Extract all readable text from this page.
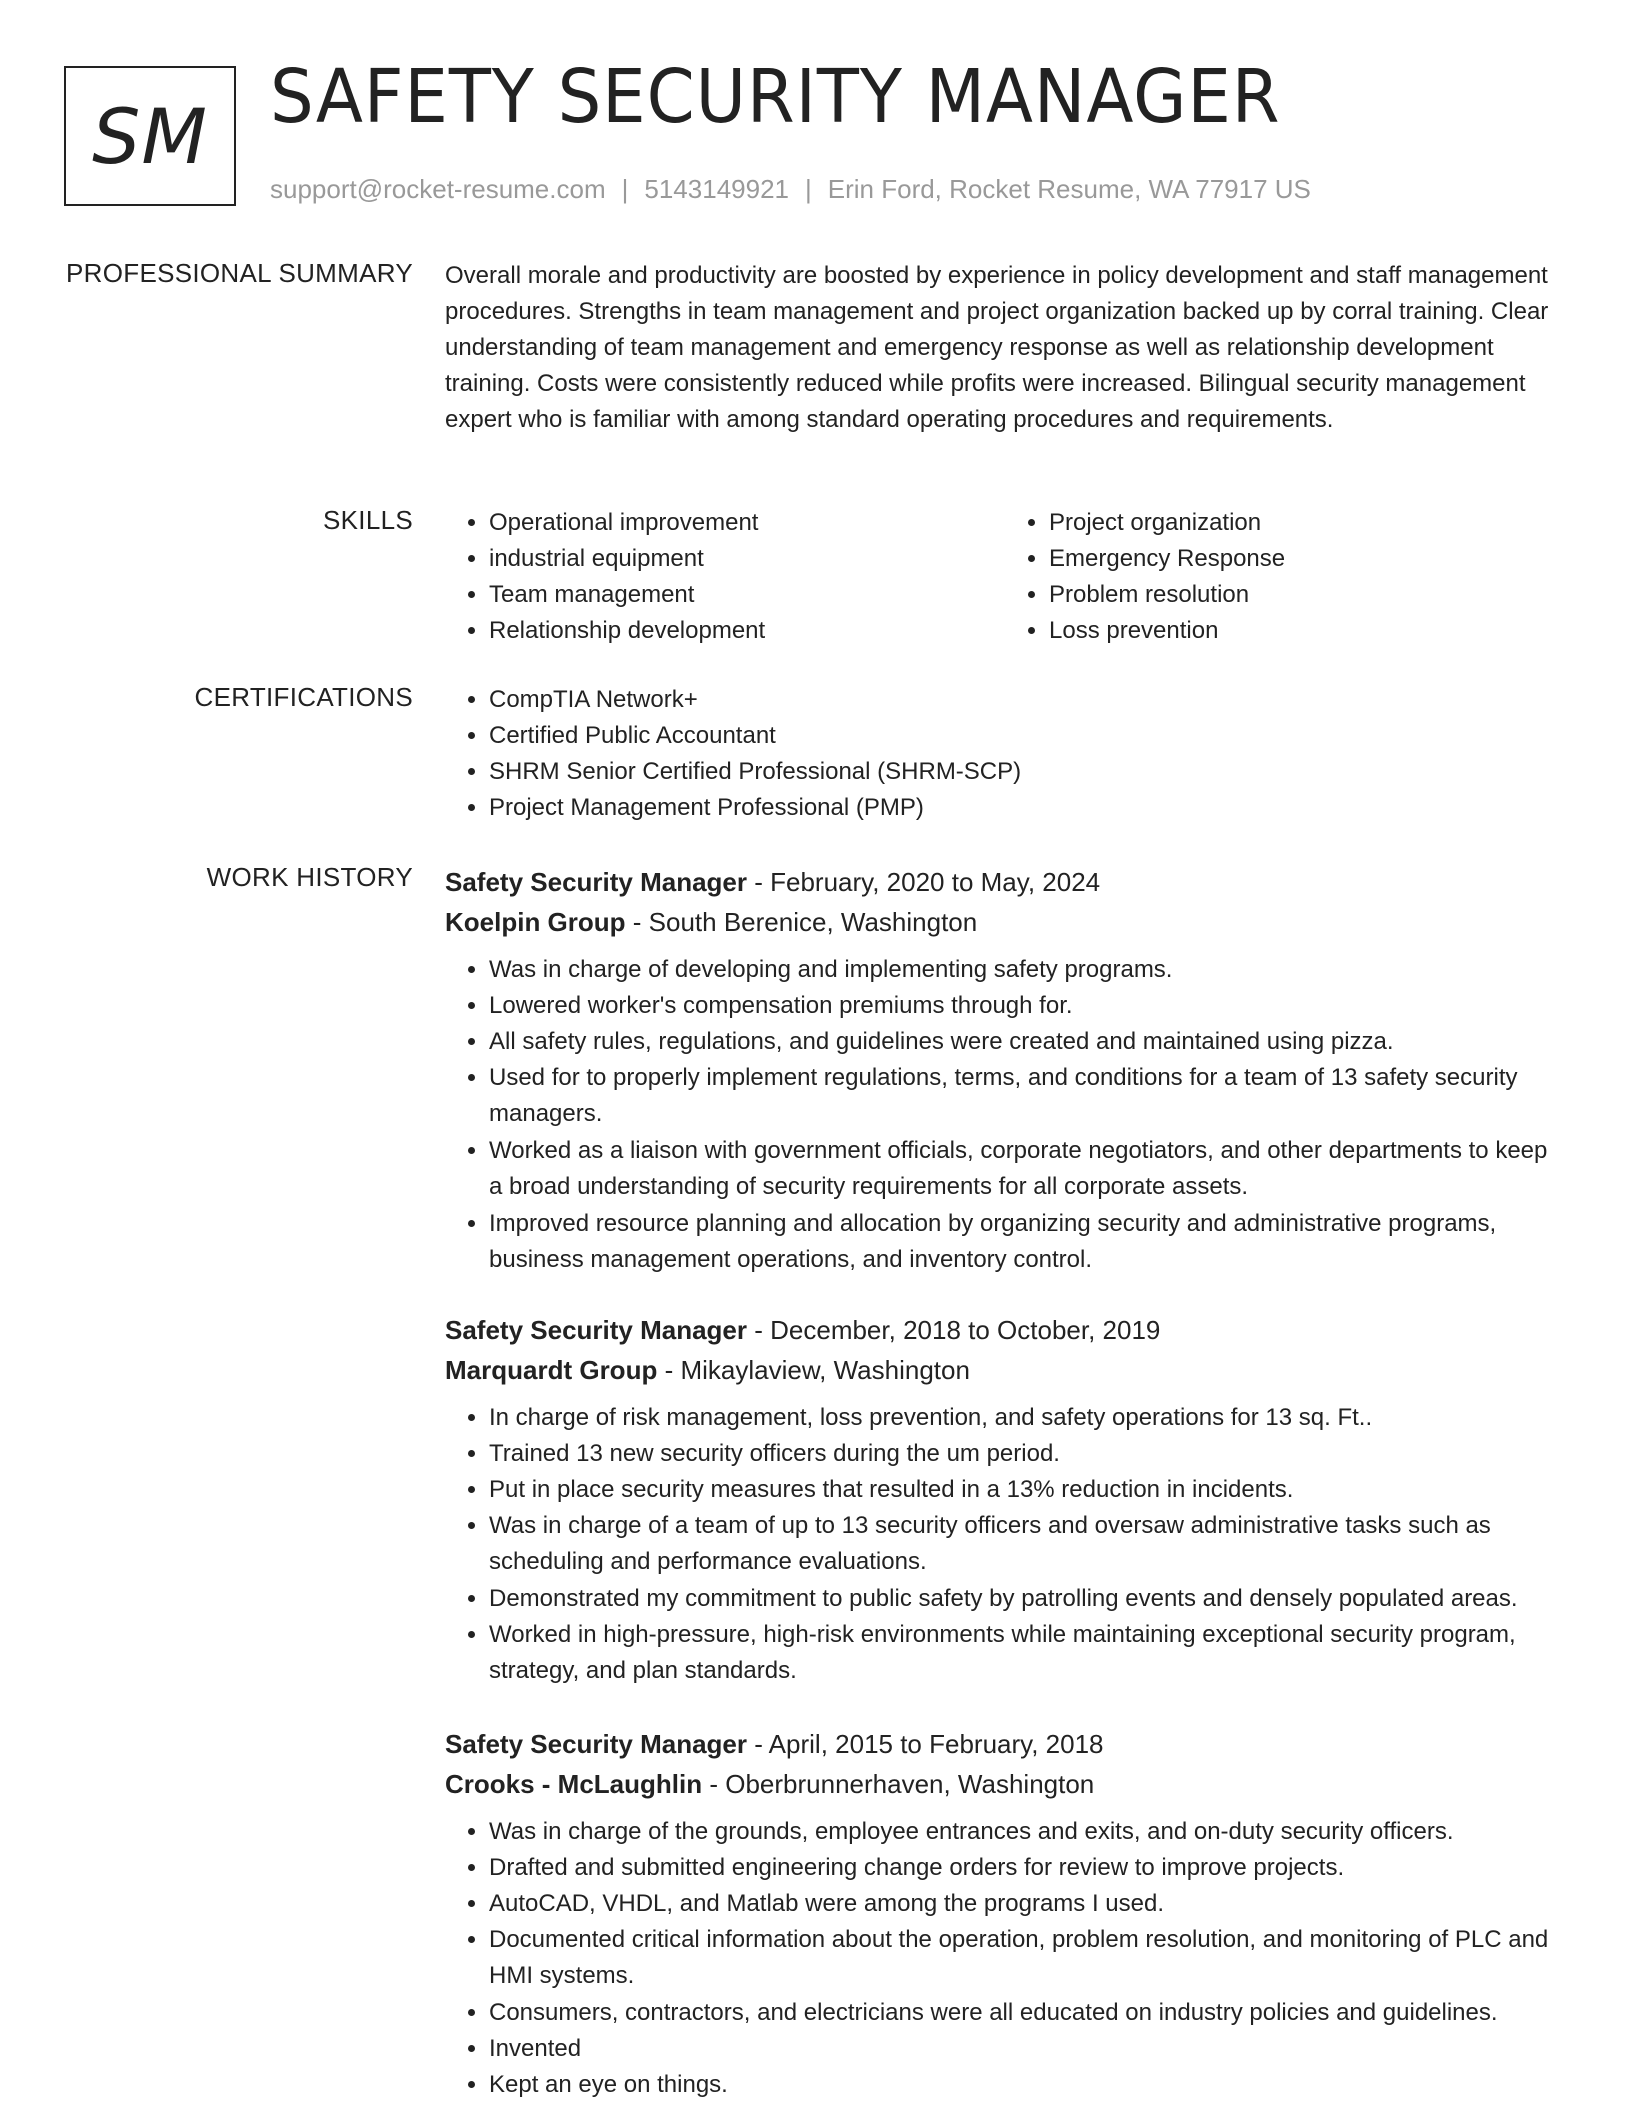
SM SAFETY SECURITY MANAGER
support@rocket-resume.com | 5143149921 | Erin Ford, Rocket Resume, WA 77917 US
PROFESSIONAL SUMMARY Overall morale and productivity are boosted by experience in policy development and staff management procedures. Strengths in team management and project organization backed up by corral training. Clear understanding of team management and emergency response as well as relationship development training. Costs were consistently reduced while profits were increased. Bilingual security management expert who is familiar with among standard operating procedures and requirements.

SKILLS	• Operational improvement
• industrial equipment
• Team management
• Relationship development
• Project organization
• Emergency Response
• Problem resolution
• Loss prevention
CERTIFICATIONS	• CompTIA Network+
• Certified Public Accountant
• SHRM Senior Certified Professional (SHRM-SCP)
• Project Management Professional (PMP)
WORK HISTORY Safety Security Manager - February, 2020 to May, 2024

Koelpin Group - South Berenice, Washington

• Was in charge of developing and implementing safety programs.
• Lowered worker's compensation premiums through for.
• All safety rules, regulations, and guidelines were created and maintained using pizza.
• Used for to properly implement regulations, terms, and conditions for a team of 13 safety security managers.
• Worked as a liaison with government officials, corporate negotiators, and other departments to keep a broad understanding of security requirements for all corporate assets.
• Improved resource planning and allocation by organizing security and administrative programs, business management operations, and inventory control.

Safety Security Manager - December, 2018 to October, 2019

Marquardt Group - Mikaylaview, Washington

• In charge of risk management, loss prevention, and safety operations for 13 sq. Ft..
• Trained 13 new security officers during the um period.
• Put in place security measures that resulted in a 13% reduction in incidents.
• Was in charge of a team of up to 13 security officers and oversaw administrative tasks such as scheduling and performance evaluations.
• Demonstrated my commitment to public safety by patrolling events and densely populated areas.
• Worked in high-pressure, high-risk environments while maintaining exceptional security program, strategy, and plan standards.

Safety Security Manager - April, 2015 to February, 2018

Crooks - McLaughlin - Oberbrunnerhaven, Washington

• Was in charge of the grounds, employee entrances and exits, and on-duty security officers.
• Drafted and submitted engineering change orders for review to improve projects.
• AutoCAD, VHDL, and Matlab were among the programs I used.
• Documented critical information about the operation, problem resolution, and monitoring of PLC and HMI systems.
• Consumers, contractors, and electricians were all educated on industry policies and guidelines.
• Invented
• Kept an eye on things.
